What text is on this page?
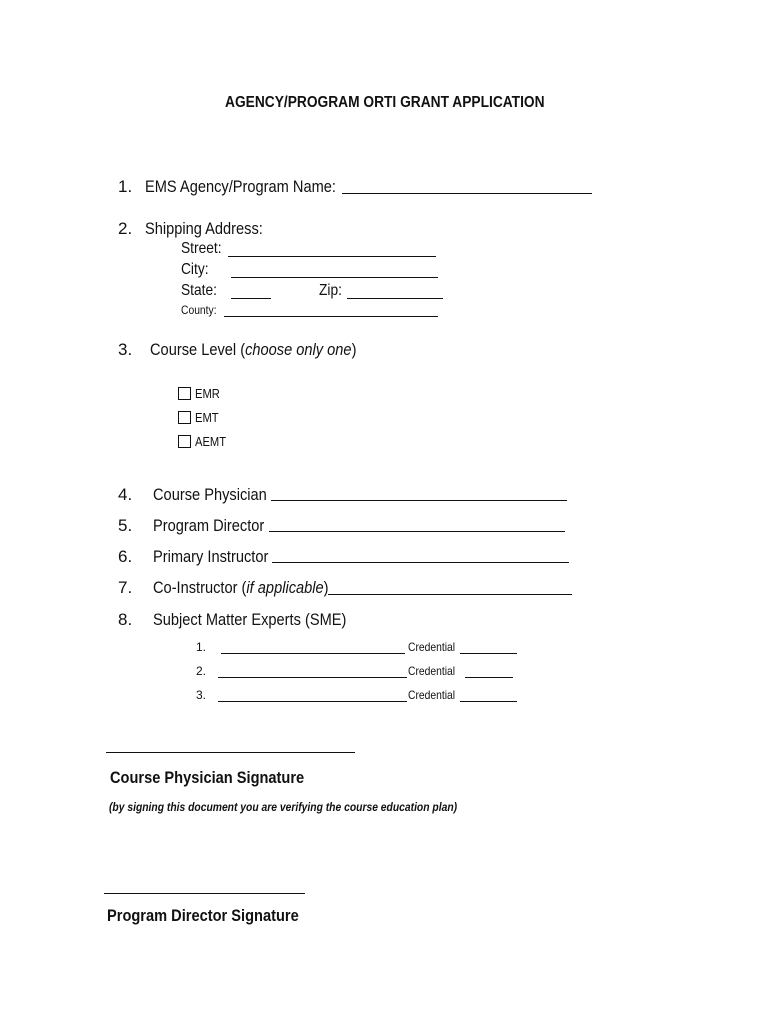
AGENCY/PROGRAM ORTI GRANT APPLICATION
1. EMS Agency/Program Name:
2. Shipping Address:
Street:
City:
State:	Zip:
County:
3. Course Level (choose only one)
EMR
EMT
AEMT
4. Course Physician
5. Program Director
6. Primary Instructor
7. Co-Instructor (if applicable)
8. Subject Matter Experts (SME)
1.	Credential
2.	Credential
3.	Credential
Course Physician Signature
(by signing this document you are verifying the course education plan)
Program Director Signature
